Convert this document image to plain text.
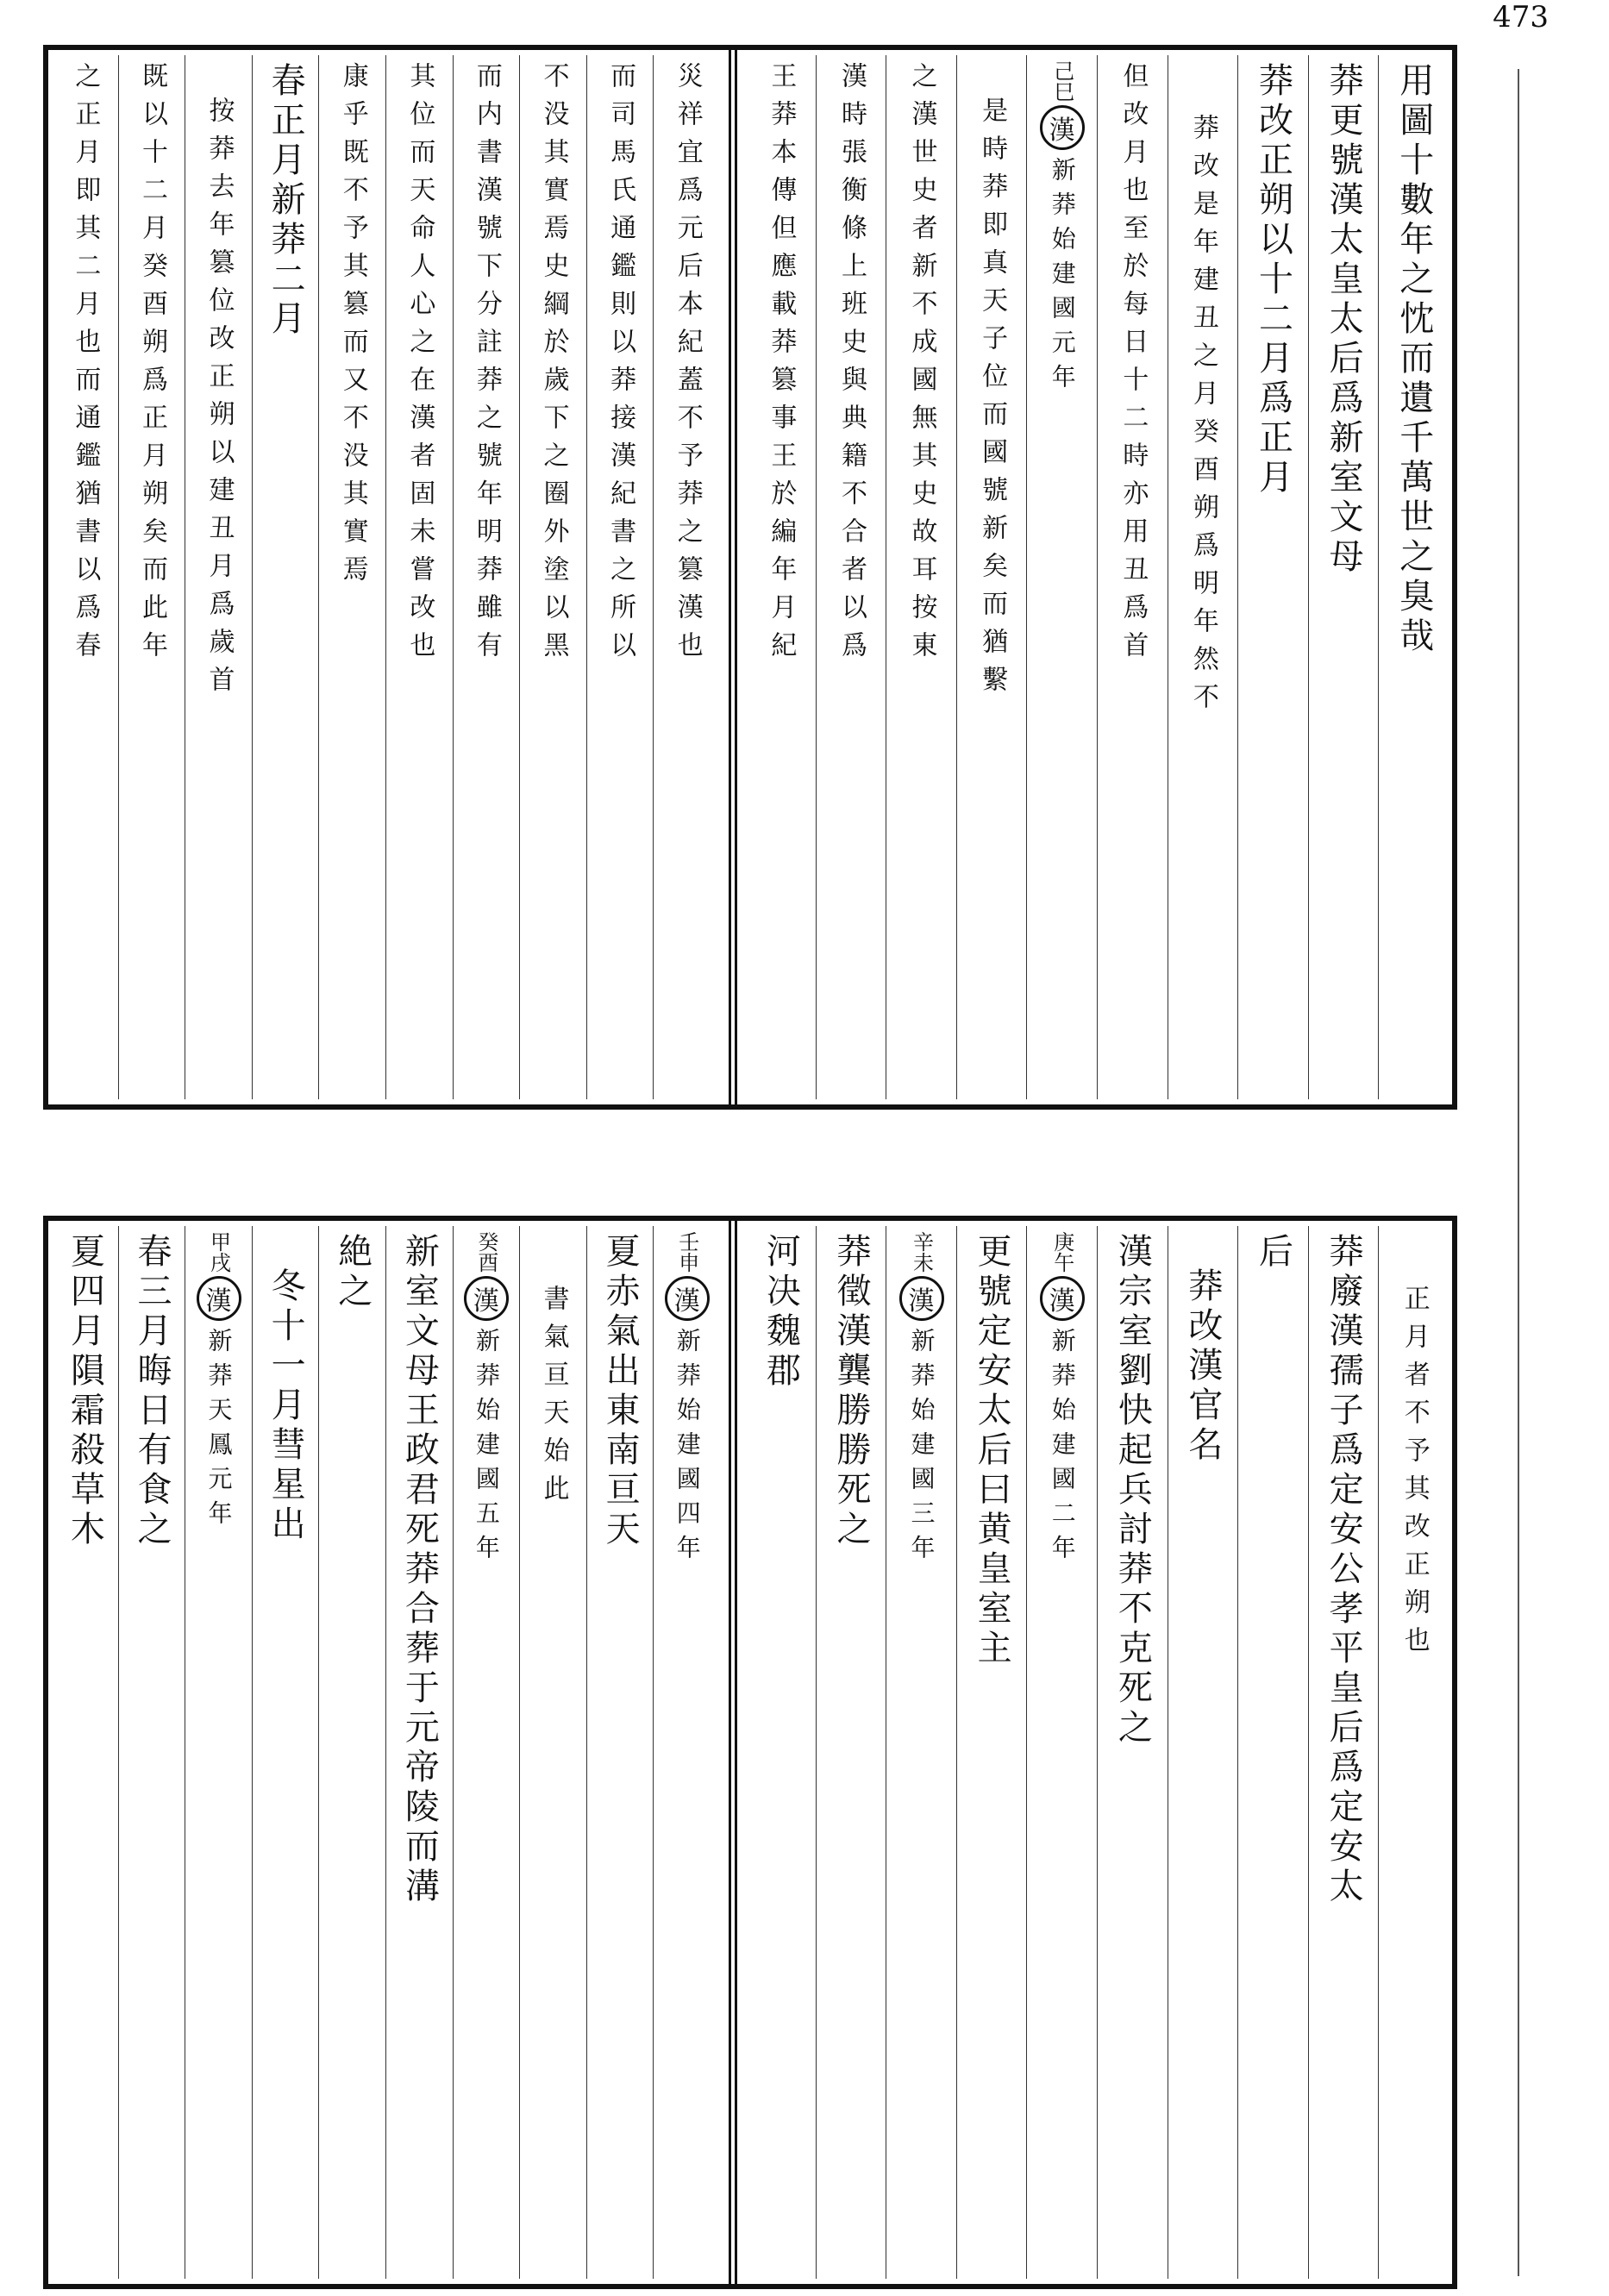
473
用圖十數年之忱而遺千萬世之臭哉
莽更號漢太皇太后爲新室文母
莽改正朔以十二月爲正月
莽改是年建丑之月癸酉朔爲明年然不
但改月也至於每日十二時亦用丑爲首
己巳
漢
新莽始建國元年
是時莽即真天子位而國號新矣而猶繫
之漢世史者新不成國無其史故耳按東
漢時張衡條上班史與典籍不合者以爲
王莽本傳但應載莽篡事王於編年月紀
災祥宜爲元后本紀蓋不予莽之篡漢也
而司馬氏通鑑則以莽接漢紀書之所以
不没其實焉史綱於歲下之圈外塗以黑
而内書漢號下分註莽之號年明莽雖有
其位而天命人心之在漢者固未嘗改也
康乎既不予其篡而又不没其實焉
春正月新莽二月
按莽去年篡位改正朔以建丑月爲歲首
既以十二月癸酉朔爲正月朔矣而此年
之正月即其二月也而通鑑猶書以爲春
正月者不予其改正朔也
莽廢漢孺子爲定安公孝平皇后爲定安太
后
莽改漢官名
漢宗室劉快起兵討莽不克死之
庚午
漢
新莽始建國二年
更號定安太后曰黄皇室主
辛未
漢
新莽始建國三年
莽徵漢龔勝勝死之
河决魏郡
壬申
漢
新莽始建國四年
夏赤氣出東南亘天
書氣亘天始此
癸酉
漢
新莽始建國五年
新室文母王政君死莽合葬于元帝陵而溝
絶之
冬十一月彗星出
甲戌
漢
新莽天鳳元年
春三月晦日有食之
夏四月隕霜殺草木
